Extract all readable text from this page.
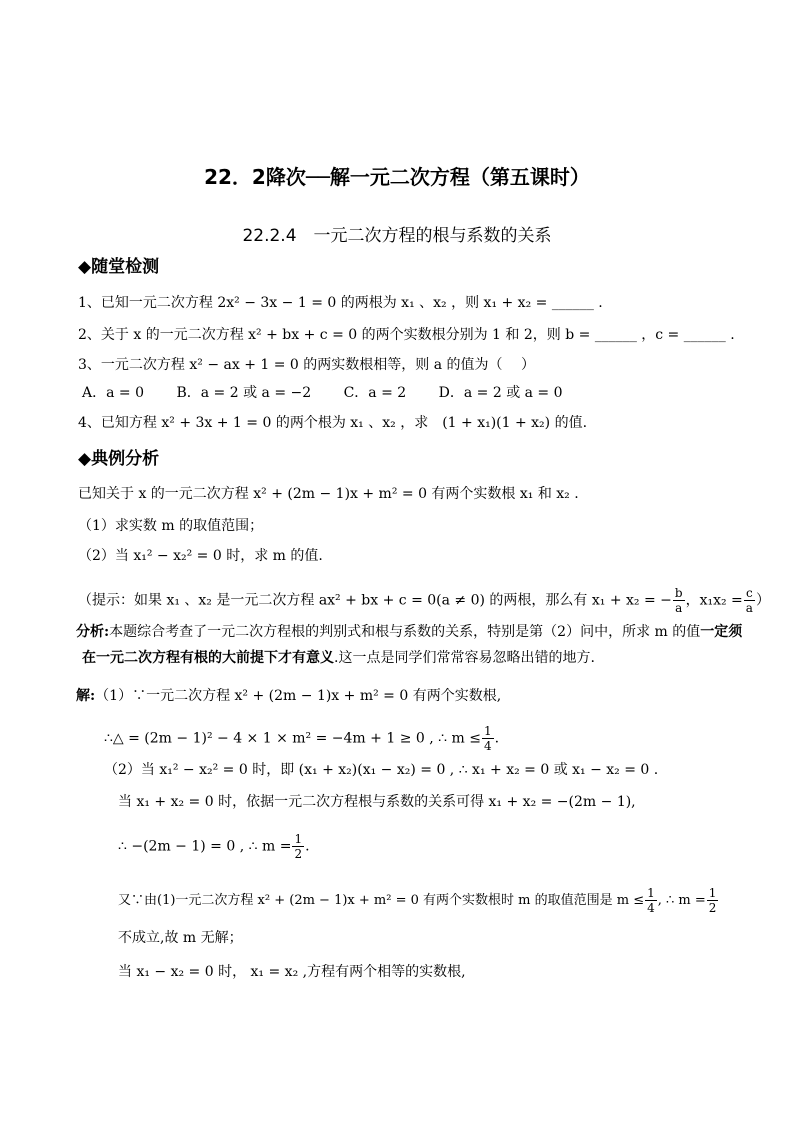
22．2降次──解一元二次方程（第五课时）
22.2.4　一元二次方程的根与系数的关系
◆随堂检测
1、已知一元二次方程 2x² − 3x − 1 = 0 的两根为 x₁ 、x₂ ，则 x₁ + x₂ = ______ .
2、关于 x 的一元二次方程 x² + bx + c = 0 的两个实数根分别为 1 和 2，则 b = ______ ，c = ______ .
3、一元二次方程 x² − ax + 1 = 0 的两实数根相等，则 a 的值为（　 ）
A．a = 0　　 B．a = 2 或 a = −2　　 C．a = 2　　 D．a = 2 或 a = 0
4、已知方程 x² + 3x + 1 = 0 的两个根为 x₁ 、x₂ ，求　(1 + x₁)(1 + x₂) 的值.
◆典例分析
已知关于 x 的一元二次方程 x² + (2m − 1)x + m² = 0 有两个实数根 x₁ 和 x₂ .
（1）求实数 m 的取值范围；
（2）当 x₁² − x₂² = 0 时，求 m 的值.
（提示：如果 x₁ 、x₂ 是一元二次方程 ax² + bx + c = 0(a ≠ 0) 的两根，那么有 x₁ + x₂ = − $\frac{b}{a}$ ，$x_1x_2 = \frac{c}{a}$ ）
分析:本题综合考查了一元二次方程根的判别式和根与系数的关系，特别是第（2）问中，所求 m 的值一定须
在一元二次方程有根的大前提下才有意义.这一点是同学们常常容易忽略出错的地方.
解:（1）∵一元二次方程 x² + (2m − 1)x + m² = 0 有两个实数根,
∴△ = (2m − 1)² − 4 × 1 × m² = −4m + 1 ≥ 0 , ∴ $m \le \frac{1}{4}$ .
（2）当 x₁² − x₂² = 0 时，即 (x₁ + x₂)(x₁ − x₂) = 0 , ∴ x₁ + x₂ = 0 或 x₁ − x₂ = 0 .
当 x₁ + x₂ = 0 时，依据一元二次方程根与系数的关系可得 x₁ + x₂ = −(2m − 1),
∴ −(2m − 1) = 0 , ∴ $m = \frac{1}{2}$ .
又∵由(1)一元二次方程 x² + (2m − 1)x + m² = 0 有两个实数根时 m 的取值范围是 $m \le \frac{1}{4}$ , ∴ $m = \frac{1}{2}$
不成立,故 m 无解；
当 x₁ − x₂ = 0 时， x₁ = x₂ ,方程有两个相等的实数根,
